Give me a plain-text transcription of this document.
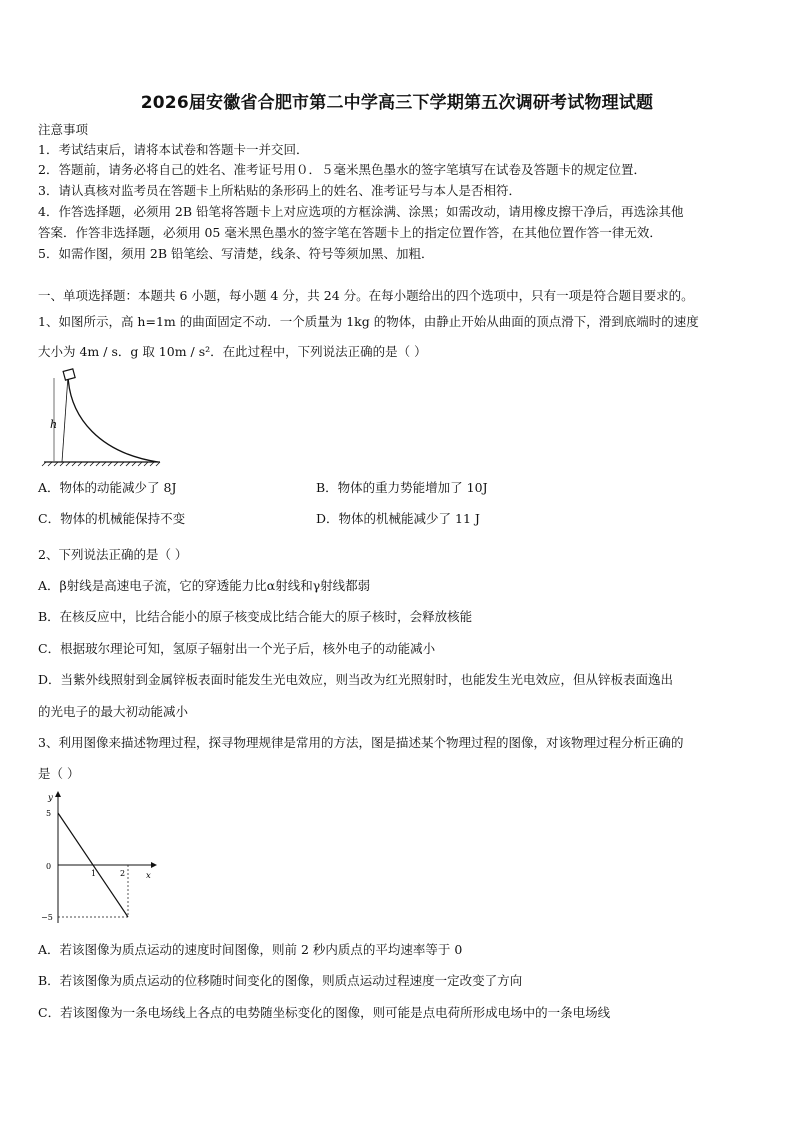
2026届安徽省合肥市第二中学高三下学期第五次调研考试物理试题
注意事项
1．考试结束后，请将本试卷和答题卡一并交回．
2．答题前，请务必将自己的姓名、准考证号用０．５毫米黑色墨水的签字笔填写在试卷及答题卡的规定位置．
3．请认真核对监考员在答题卡上所粘贴的条形码上的姓名、准考证号与本人是否相符．
4．作答选择题，必须用 2B 铅笔将答题卡上对应选项的方框涂满、涂黑；如需改动，请用橡皮擦干净后，再选涂其他
答案．作答非选择题，必须用 05 毫米黑色墨水的签字笔在答题卡上的指定位置作答，在其他位置作答一律无效．
5．如需作图，须用 2B 铅笔绘、写清楚，线条、符号等须加黑、加粗．
一、单项选择题：本题共 6 小题，每小题 4 分，共 24 分。在每小题给出的四个选项中，只有一项是符合题目要求的。
1、如图所示，高 h=1m 的曲面固定不动．一个质量为 1kg 的物体，由静止开始从曲面的顶点滑下，滑到底端时的速度
大小为 4m / s．g 取 10m / s²．在此过程中，下列说法正确的是（ ）
h
A．物体的动能减少了 8J	B．物体的重力势能增加了 10J
C．物体的机械能保持不变	D．物体的机械能减少了 11 J
2、下列说法正确的是（ ）
A．β射线是高速电子流，它的穿透能力比α射线和γ射线都弱
B．在核反应中，比结合能小的原子核变成比结合能大的原子核时，会释放核能
C．根据玻尔理论可知，氢原子辐射出一个光子后，核外电子的动能减小
D．当紫外线照射到金属锌板表面时能发生光电效应，则当改为红光照射时，也能发生光电效应，但从锌板表面逸出
的光电子的最大初动能减小
3、利用图像来描述物理过程，探寻物理规律是常用的方法，图是描述某个物理过程的图像，对该物理过程分析正确的
是（ ）
y
x
5
0
−5
1	2
A．若该图像为质点运动的速度时间图像，则前 2 秒内质点的平均速率等于 0
B．若该图像为质点运动的位移随时间变化的图像，则质点运动过程速度一定改变了方向
C．若该图像为一条电场线上各点的电势随坐标变化的图像，则可能是点电荷所形成电场中的一条电场线
